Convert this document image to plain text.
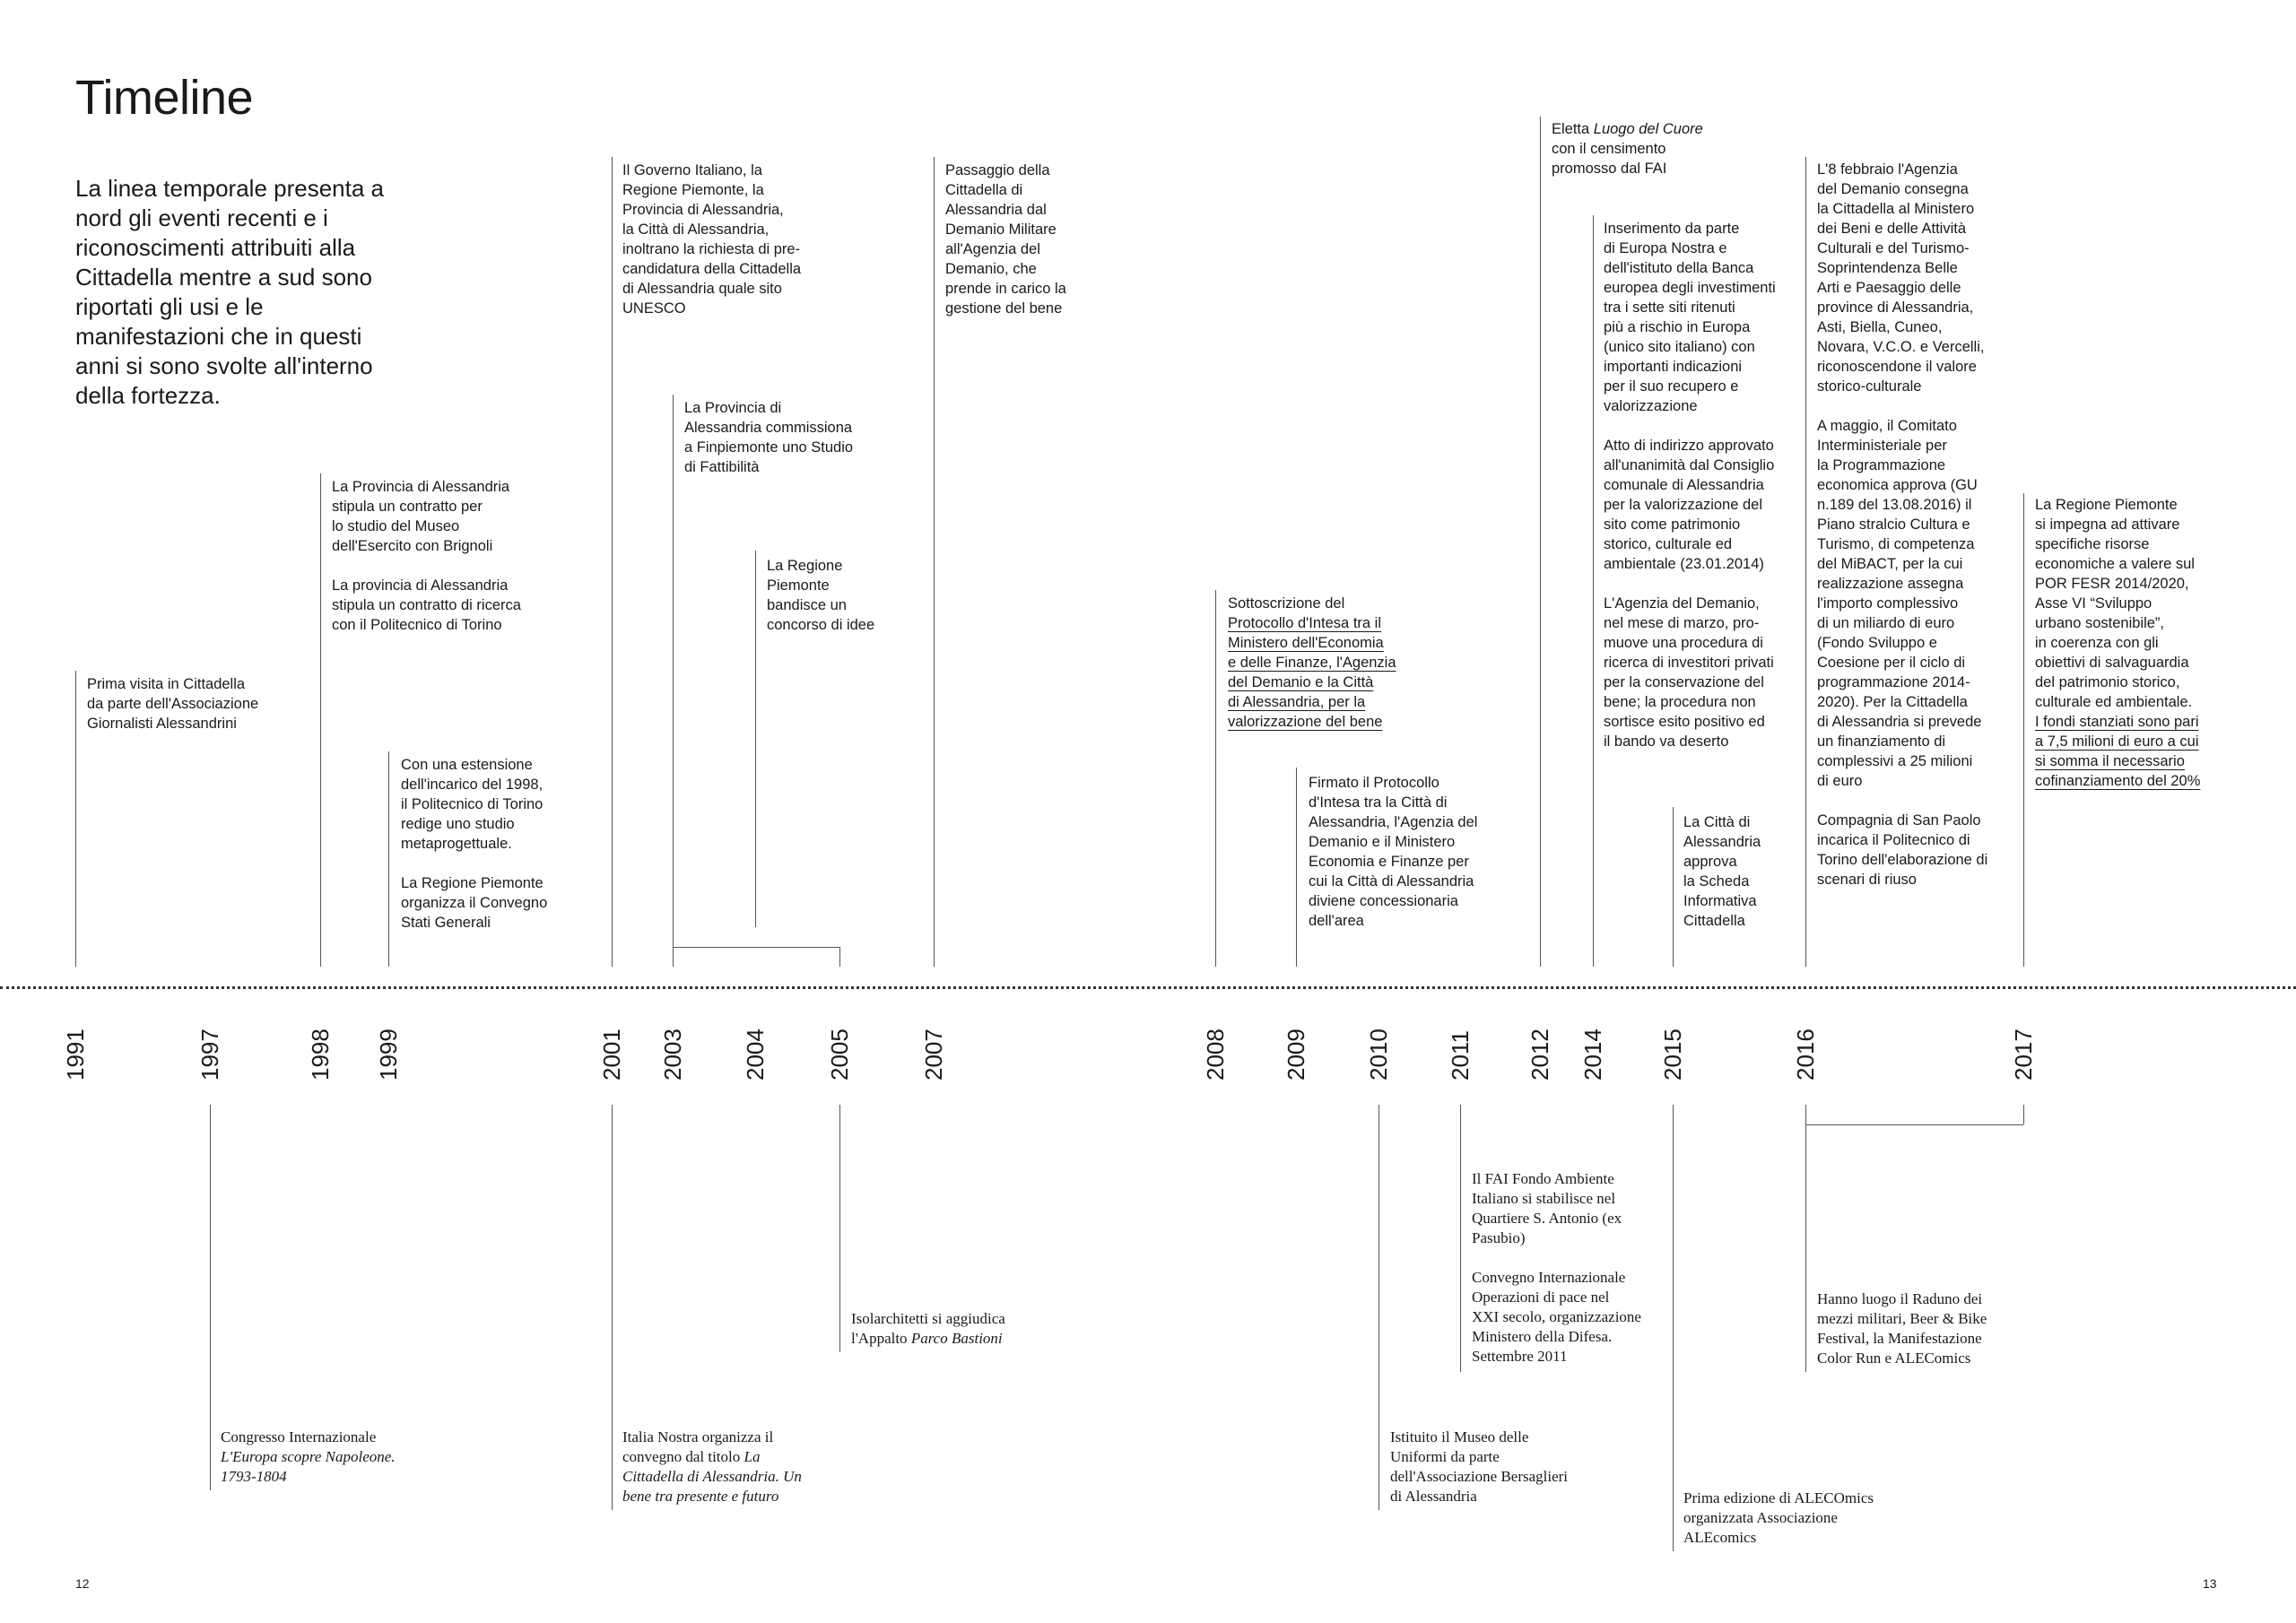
Timeline
La linea temporale presenta a nord gli eventi recenti e i riconoscimenti attribuiti alla Cittadella mentre a sud sono riportati gli usi e le manifestazioni che in questi anni si sono svolte all'interno della fortezza.
Prima visita in Cittadella
da parte dell'Associazione
Giornalisti Alessandrini

La Provincia di Alessandria
stipula un contratto per
lo studio del Museo
dell'Esercito con Brignoli

La provincia di Alessandria
stipula un contratto di ricerca
con il Politecnico di Torino

Con una estensione
dell'incarico del 1998,
il Politecnico di Torino
redige uno studio
metaprogettuale.

La Regione Piemonte
organizza il Convegno
Stati Generali

Il Governo Italiano, la
Regione Piemonte, la
Provincia di Alessandria,
la Città di Alessandria,
inoltrano la richiesta di pre-
candidatura della Cittadella
di Alessandria quale sito
UNESCO
La Provincia di
Alessandria commissiona
a Finpiemonte uno Studio
di Fattibilità
La Regione
Piemonte
bandisce un
concorso di idee
Passaggio della
Cittadella di
Alessandria dal
Demanio Militare
all'Agenzia del
Demanio, che
prende in carico la
gestione del bene
Sottoscrizione del
Protocollo d'Intesa tra il
Ministero dell'Economia
e delle Finanze, l'Agenzia
del Demanio e la Città
di Alessandria, per la
valorizzazione del bene
Firmato il Protocollo
d'Intesa tra la Città di
Alessandria, l'Agenzia del
Demanio e il Ministero
Economia e Finanze per
cui la Città di Alessandria
diviene concessionaria
dell'area
Eletta Luogo del Cuore
con il censimento
promosso dal FAI

Inserimento da parte
di Europa Nostra e
dell'istituto della Banca
europea degli investimenti
tra i sette siti ritenuti
più a rischio in Europa
(unico sito italiano) con
importanti indicazioni
per il suo recupero e
valorizzazione

Atto di indirizzo approvato
all'unanimità dal Consiglio
comunale di Alessandria
per la valorizzazione del
sito come patrimonio
storico, culturale ed
ambientale (23.01.2014)

L'Agenzia del Demanio,
nel mese di marzo, pro-
muove una procedura di
ricerca di investitori privati
per la conservazione del
bene; la procedura non
sortisce esito positivo ed
il bando va deserto

La Città di
Alessandria
approva
la Scheda
Informativa
Cittadella

L'8 febbraio l'Agenzia
del Demanio consegna
la Cittadella al Ministero
dei Beni e delle Attività
Culturali e del Turismo-
Soprintendenza Belle
Arti e Paesaggio delle
province di Alessandria,
Asti, Biella, Cuneo,
Novara, V.C.O. e Vercelli,
riconoscendone il valore
storico-culturale

A maggio, il Comitato
Interministeriale per
la Programmazione
economica approva (GU
n.189 del 13.08.2016) il
Piano stralcio Cultura e
Turismo, di competenza
del MiBACT, per la cui
realizzazione assegna
l'importo complessivo
di un miliardo di euro
(Fondo Sviluppo e
Coesione per il ciclo di
programmazione 2014-
2020). Per la Cittadella
di Alessandria si prevede
un finanziamento di
complessivi a 25 milioni
di euro

Compagnia di San Paolo
incarica il Politecnico di
Torino dell'elaborazione di
scenari di riuso

La Regione Piemonte
si impegna ad attivare
specifiche risorse
economiche a valere sul
POR FESR 2014/2020,
Asse VI “Sviluppo
urbano sostenibile”,
in coerenza con gli
obiettivi di salvaguardia
del patrimonio storico,
culturale ed ambientale.
I fondi stanziati sono pari
a 7,5 milioni di euro a cui
si somma il necessario
cofinanziamento del 20%
1991	1997	1998 1999	2001 2003 2004 2005	2007	2008 2009 2010 2011 2012 2014 2015	2016	2017
Congresso Internazionale
L'Europa scopre Napoleone.
1793-1804
Italia Nostra organizza il
convegno dal titolo La
Cittadella di Alessandria. Un
bene tra presente e futuro
Isolarchitetti si aggiudica
l'Appalto Parco Bastioni
Istituito il Museo delle
Uniformi da parte
dell'Associazione Bersaglieri
di Alessandria

Il FAI Fondo Ambiente
Italiano si stabilisce nel
Quartiere S. Antonio (ex
Pasubio)

Convegno Internazionale
Operazioni di pace nel
XXI secolo, organizzazione
Ministero della Difesa.
Settembre 2011

Prima edizione di ALECOmics
organizzata Associazione
ALEcomics
Hanno luogo il Raduno dei
mezzi militari, Beer & Bike
Festival, la Manifestazione
Color Run e ALEComics
12	13
